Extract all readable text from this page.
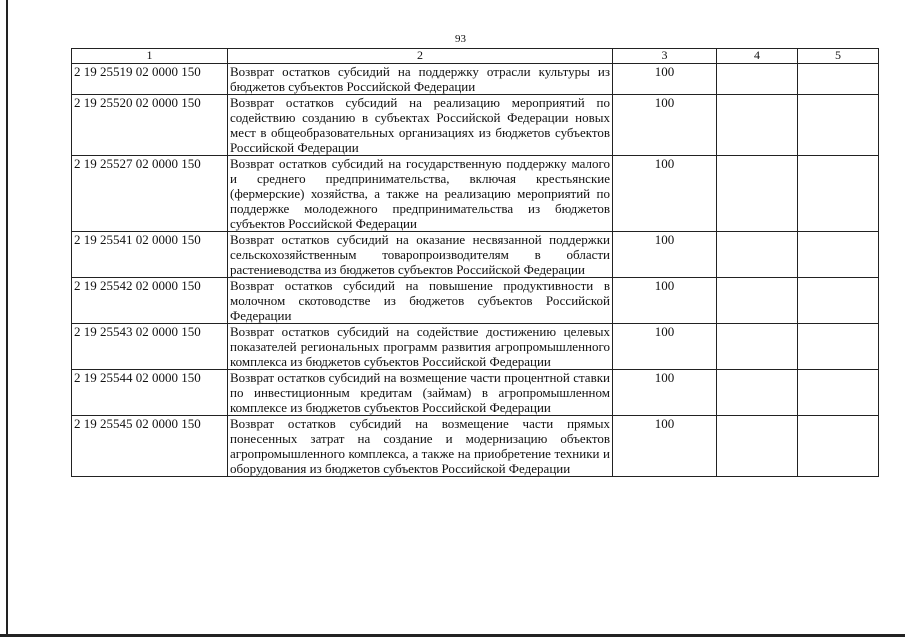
93
1	2	3	4	5
2 19 25519 02 0000 150	Возврат остатков субсидий на поддержку отрасли культуры из бюджетов субъектов Российской Федерации	100		
2 19 25520 02 0000 150	Возврат остатков субсидий на реализацию мероприятий по содействию созданию в субъектах Российской Федерации новых мест в общеобразовательных организациях из бюджетов субъектов Российской Федерации	100		
2 19 25527 02 0000 150	Возврат остатков субсидий на государственную поддержку малого и среднего предпринимательства, включая крестьянские (фермерские) хозяйства, а также на реализацию мероприятий по поддержке молодежного предпринимательства из бюджетов субъектов Российской Федерации	100		
2 19 25541 02 0000 150	Возврат остатков субсидий на оказание несвязанной поддержки сельскохозяйственным товаропроизводителям в области растениеводства из бюджетов субъектов Российской Федерации	100		
2 19 25542 02 0000 150	Возврат остатков субсидий на повышение продуктивности в молочном скотоводстве из бюджетов субъектов Российской Федерации	100		
2 19 25543 02 0000 150	Возврат остатков субсидий на содействие достижению целевых показателей региональных программ развития агропромышленного комплекса из бюджетов субъектов Российской Федерации	100		
2 19 25544 02 0000 150	Возврат остатков субсидий на возмещение части процентной ставки по инвестиционным кредитам (займам) в агропромышленном комплексе из бюджетов субъектов Российской Федерации	100		
2 19 25545 02 0000 150	Возврат остатков субсидий на возмещение части прямых понесенных затрат на создание и модернизацию объектов агропромышленного комплекса, а также на приобретение техники и оборудования из бюджетов субъектов Российской Федерации	100		
